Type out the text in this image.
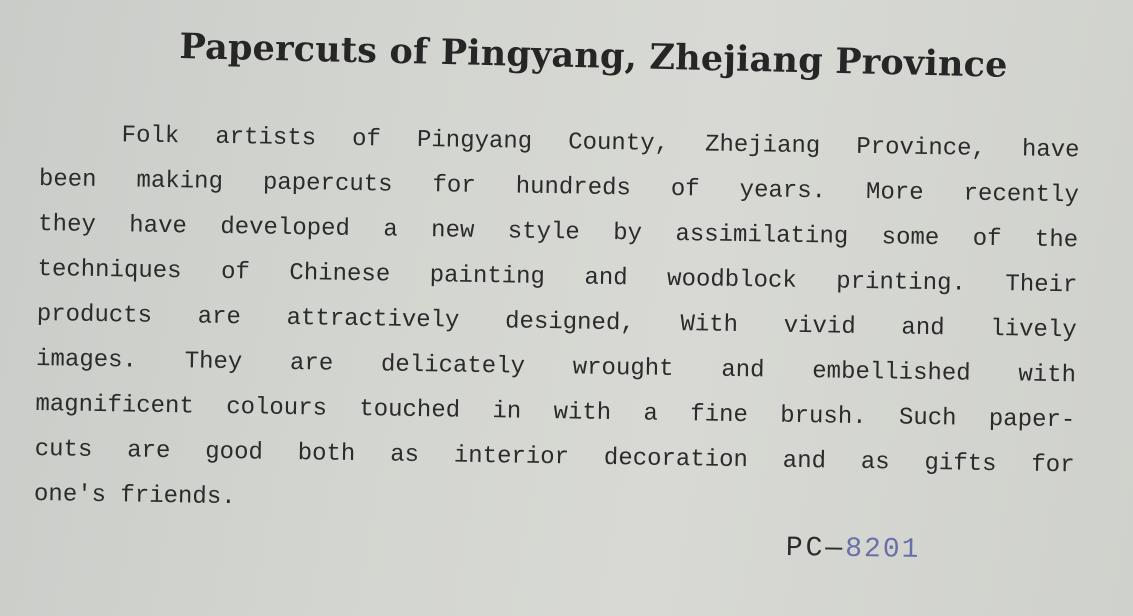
Papercuts of Pingyang, Zhejiang Province
Folk artists of Pingyang County, Zhejiang Province, have
been making papercuts for hundreds of years. More recently
they have developed a new style by assimilating some of the
techniques of Chinese painting and woodblock printing. Their
products are attractively designed, With vivid and lively
images. They are delicately wrought and embellished with
magnificent colours touched in with a fine brush. Such paper-
cuts are good both as interior decoration and as gifts for
one's friends.
PC—8201
